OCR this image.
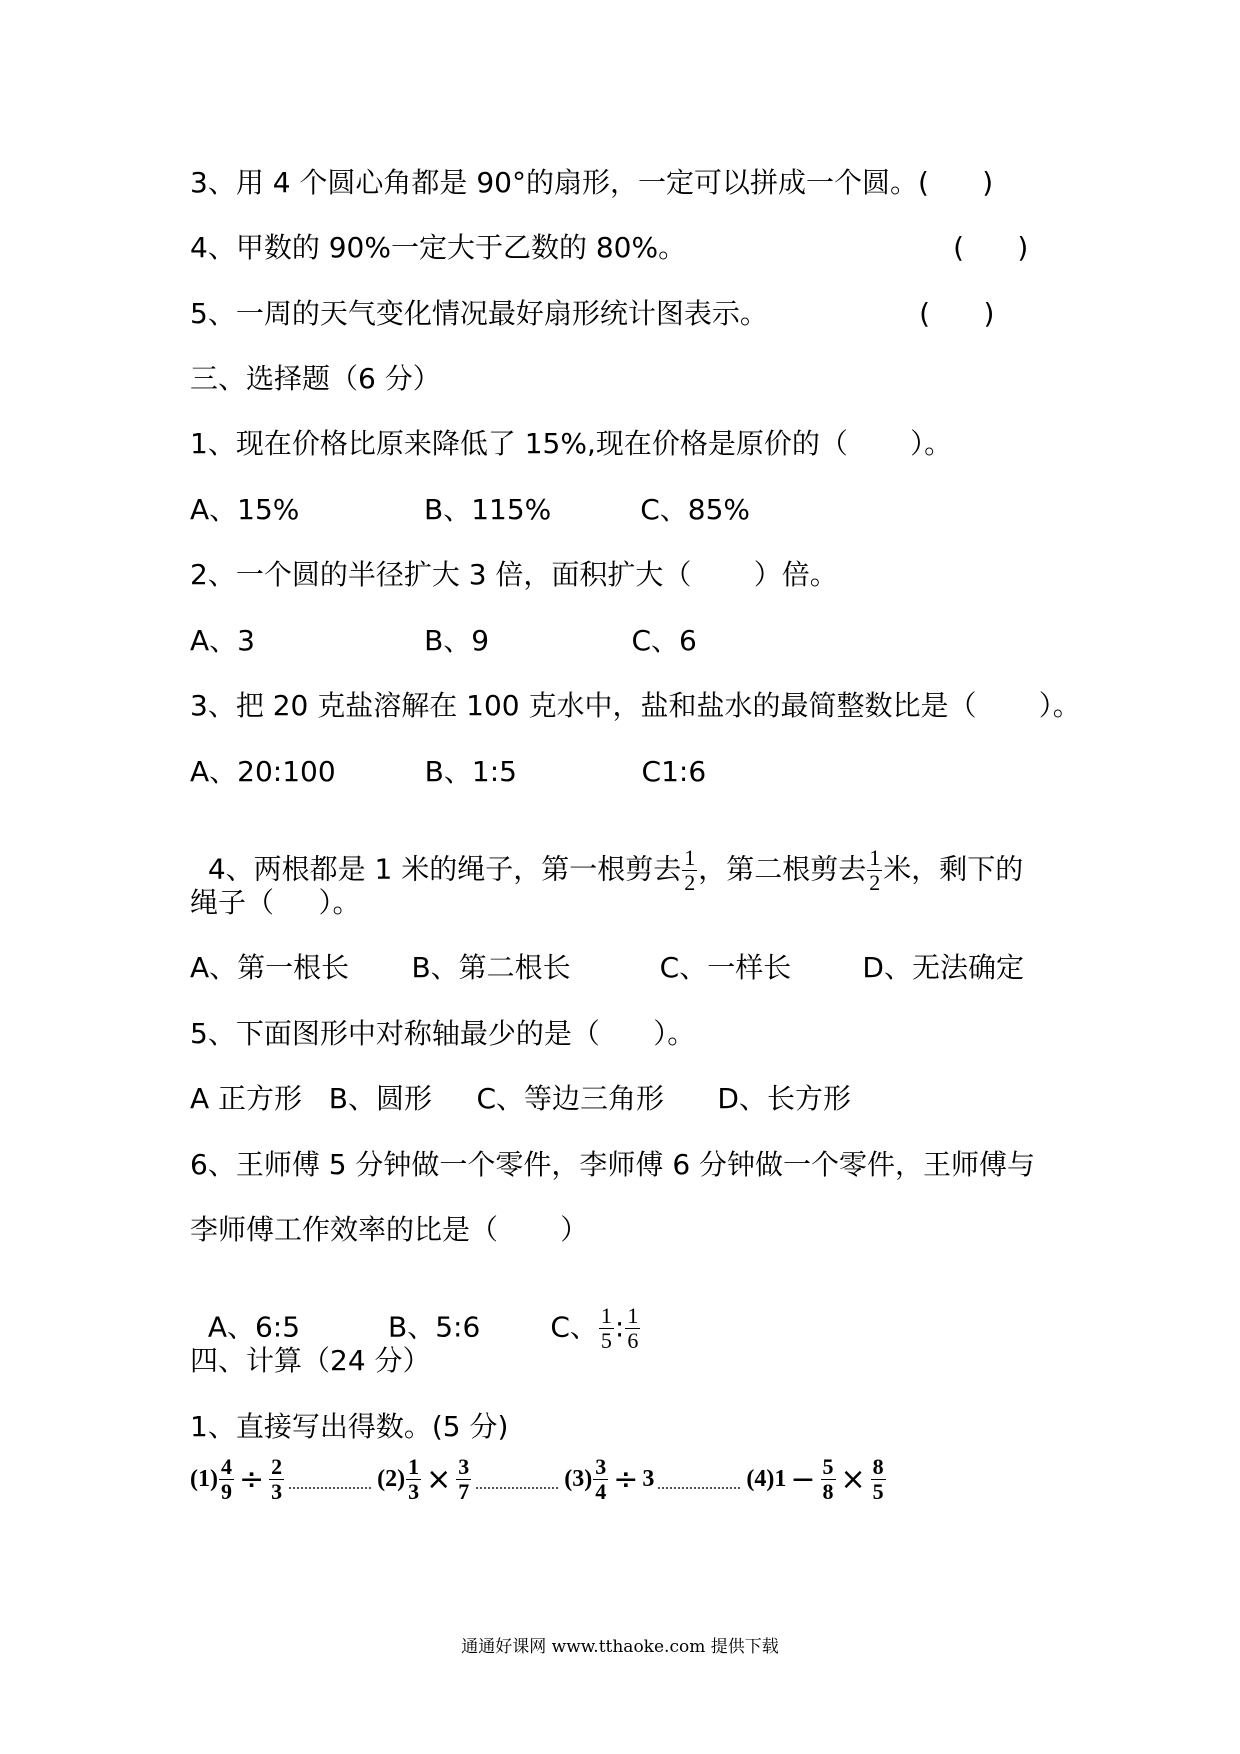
3、用 4 个圆心角都是 90°的扇形，一定可以拼成一个圆。(      )
4、甲数的 90%一定大于乙数的 80%。                              (      )
5、一周的天气变化情况最好扇形统计图表示。                 (      )
三、选择题（6 分）
1、现在价格比原来降低了 15%,现在价格是原价的（       ）。
A、15%              B、115%          C、85%
2、一个圆的半径扩大 3 倍，面积扩大（       ）倍。
A、3                   B、9                C、6
3、把 20 克盐溶解在 100 克水中，盐和盐水的最简整数比是（       ）。
A、20:100          B、1:5              C1:6

4、两根都是 1 米的绳子，第一根剪去 $\frac{1}{2}$ ，第二根剪去 $\frac{1}{2}$ 米，剩下的

绳子（     ）。
A、第一根长       B、第二根长          C、一样长        D、无法确定
5、下面图形中对称轴最少的是（      ）。
A 正方形   B、圆形     C、等边三角形      D、长方形
6、王师傅 5 分钟做一个零件，李师傅 6 分钟做一个零件，王师傅与
李师傅工作效率的比是（       ）

A、6:5	B、5:6	C、 $\frac{1}{5}$ : $\frac{1}{6}$

四、计算（24 分）
1、直接写出得数。(5 分)
$(1) \frac{4}{9} \div \frac{2}{3}$	$(2) \frac{1}{3} \times \frac{3}{7}$	$(3) \frac{3}{4} \div 3$	(4) $1 - \frac{5}{8} \times \frac{8}{5}$
通通好课网 www.tthaoke.com 提供下载
